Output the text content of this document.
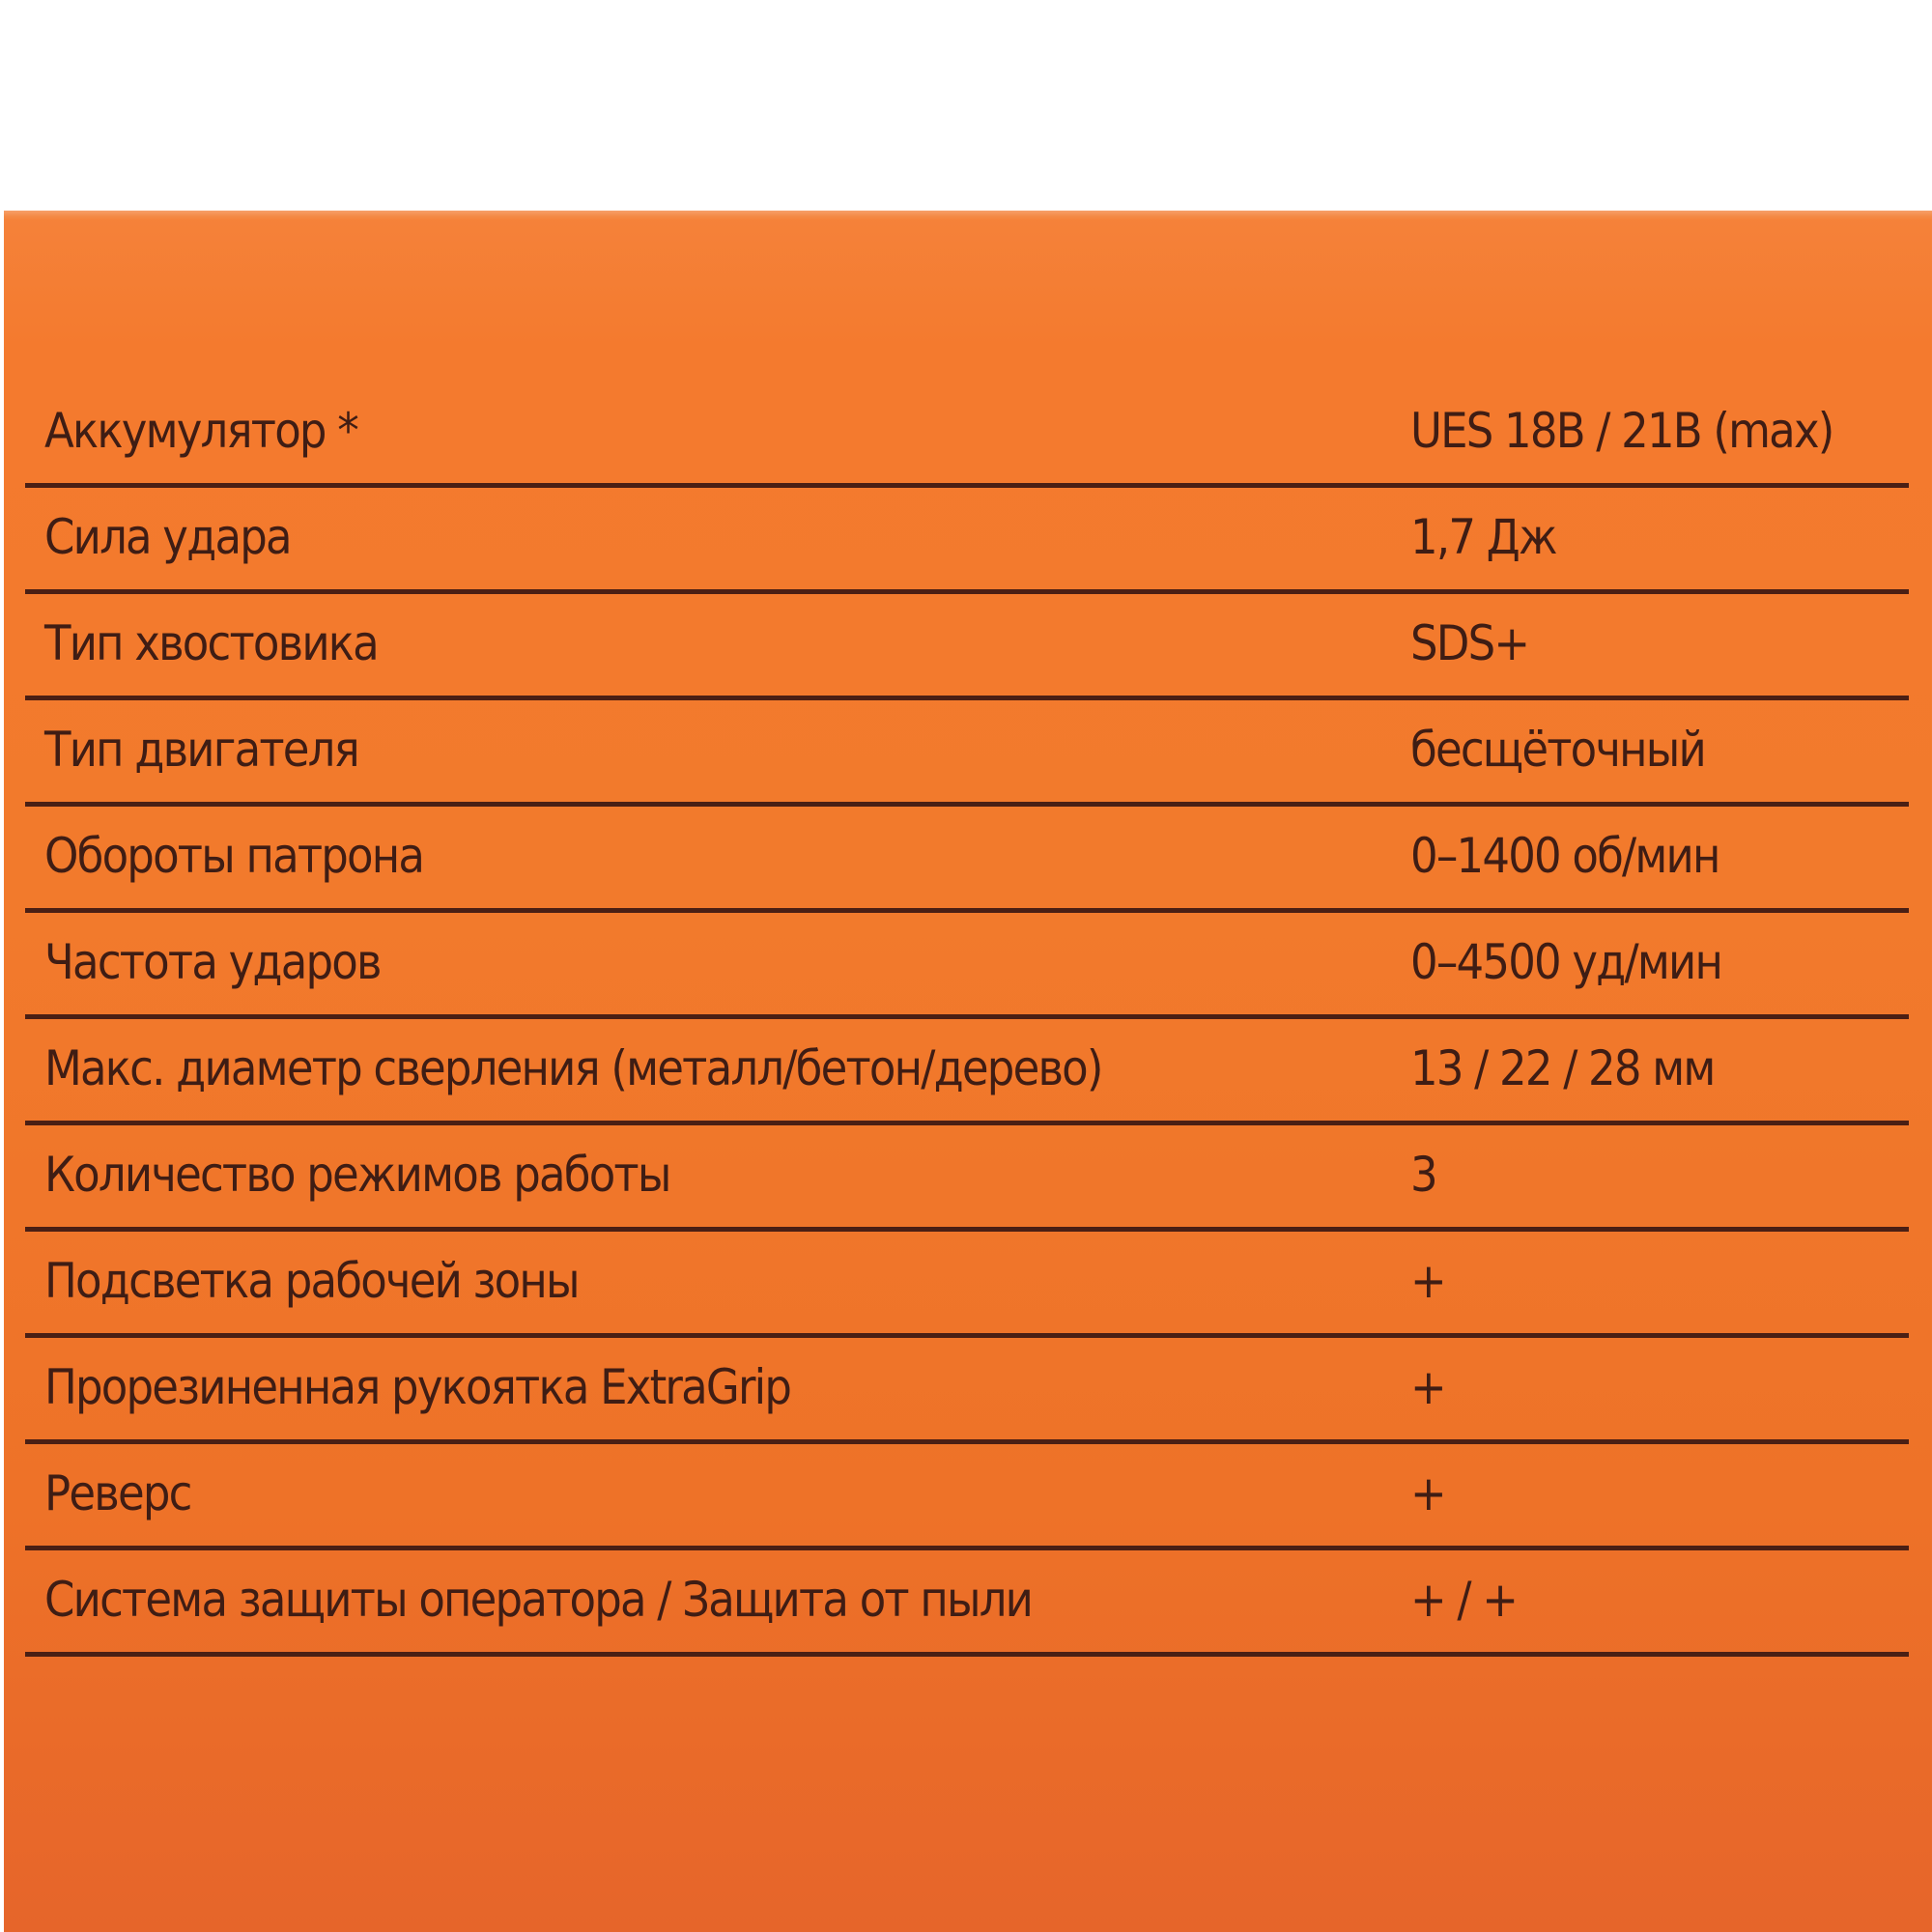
Аккумулятор *	UES 18В / 21В (max)
Сила удара	1,7 Дж
Тип хвостовика	SDS+
Тип двигателя	бесщёточный
Обороты патрона	0–1400 об/мин
Частота ударов	0–4500 уд/мин
Макс. диаметр сверления (металл/бетон/дерево)	13 / 22 / 28 мм
Количество режимов работы	3
Подсветка рабочей зоны	+
Прорезиненная рукоятка ExtraGrip	+
Реверс	+
Система защиты оператора / Защита от пыли	+ / +
